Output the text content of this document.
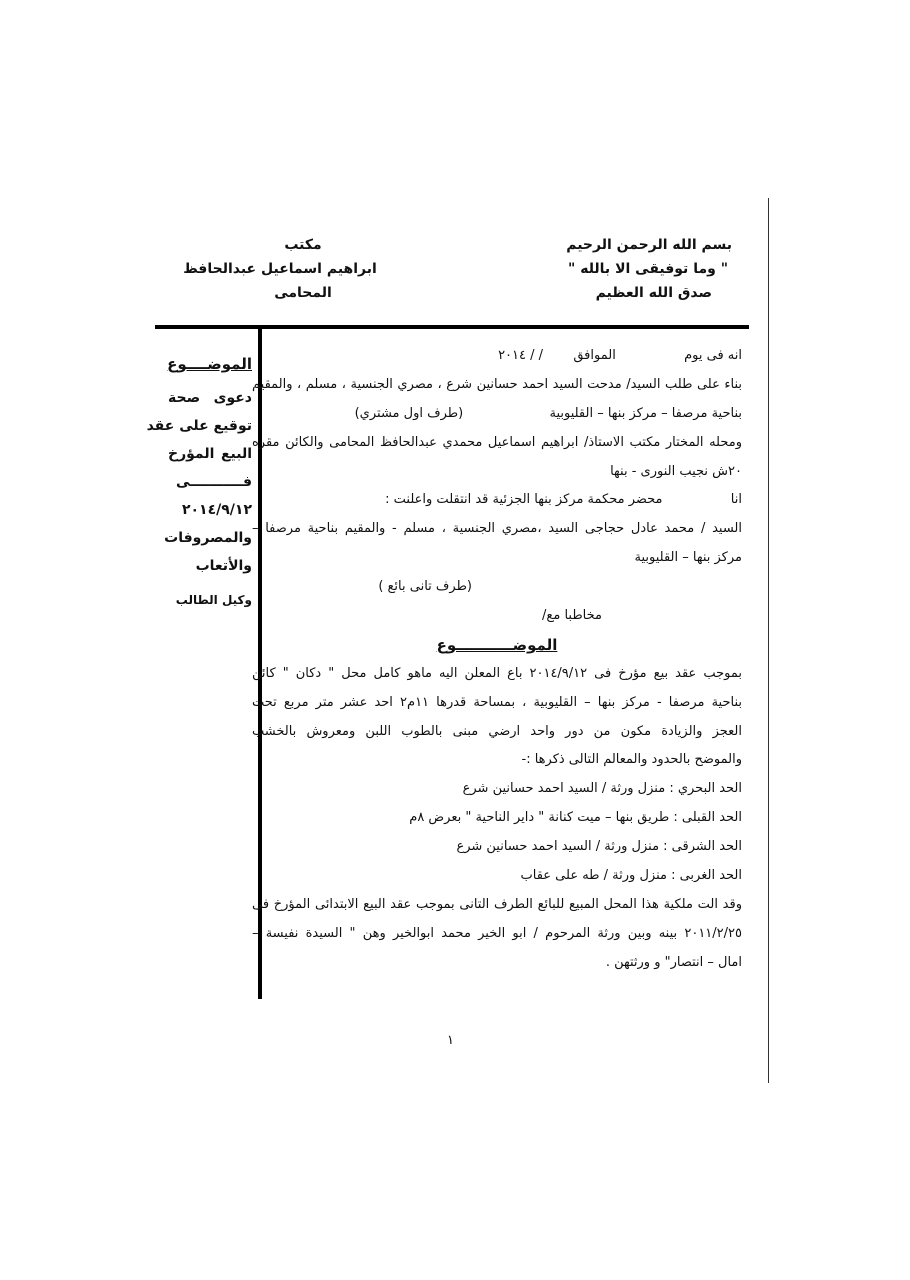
بسم الله الرحمن الرحيم
" وما توفيقى الا بالله "
صدق الله العظيم
مكتب
ابراهيم اسماعيل عبدالحافظ
المحامى
الموضــــوع
دعوى صحة
توقيع على عقد
البيع المؤرخ
فـــــــــــى
٢٠١٤/٩/١٢
والمصروفات
والأتعاب
وكيل الطالب
انه فى يوم  الموافق  / / ٢٠١٤
بناء على طلب السيد/ مدحت السيد احمد حسانين شرع ، مصري الجنسية ، مسلم ، والمقيم
بناحية مرصفا – مركز بنها – القليوبية  (طرف اول مشتري)
ومحله المختار مكتب الاستاذ/ ابراهيم اسماعيل محمدي عبدالحافظ المحامى والكائن مقره
٢٠ش نجيب النورى - بنها
انا  محضر محكمة مركز بنها الجزئية قد انتقلت واعلنت :
السيد / محمد عادل حجاجى السيد ،مصري الجنسية ، مسلم - والمقيم بناحية مرصفا –
مركز بنها – القليوبية
(طرف تانى بائع )
مخاطبا مع/
الموضـــــــــــوع
بموجب عقد بيع مؤرخ فى ٢٠١٤/٩/١٢ باع المعلن اليه ماهو كامل محل " دكان " كائن
بناحية مرصفا - مركز بنها – القليوبية ، بمساحة قدرها ١١م٢ احد عشر متر مربع تحت
العجز والزيادة مكون من دور واحد ارضي مبنى بالطوب اللبن ومعروش بالخشب
والموضح بالحدود والمعالم التالى ذكرها :-
الحد البحري : منزل ورثة / السيد احمد حسانين شرع
الحد القبلى : طريق بنها – ميت كنانة " داير الناحية " بعرض ٨م
الحد الشرقى : منزل ورثة / السيد احمد حسانين شرع
الحد الغربى : منزل ورثة / طه على عقاب
وقد الت ملكية هذا المحل المبيع للبائع الطرف التانى بموجب عقد البيع الابتدائى المؤرخ فى
٢٠١١/٢/٢٥ بينه وبين ورثة المرحوم / ابو الخير محمد ابوالخير وهن " السيدة نفيسة –
امال – انتصار" و ورثتهن .
١
